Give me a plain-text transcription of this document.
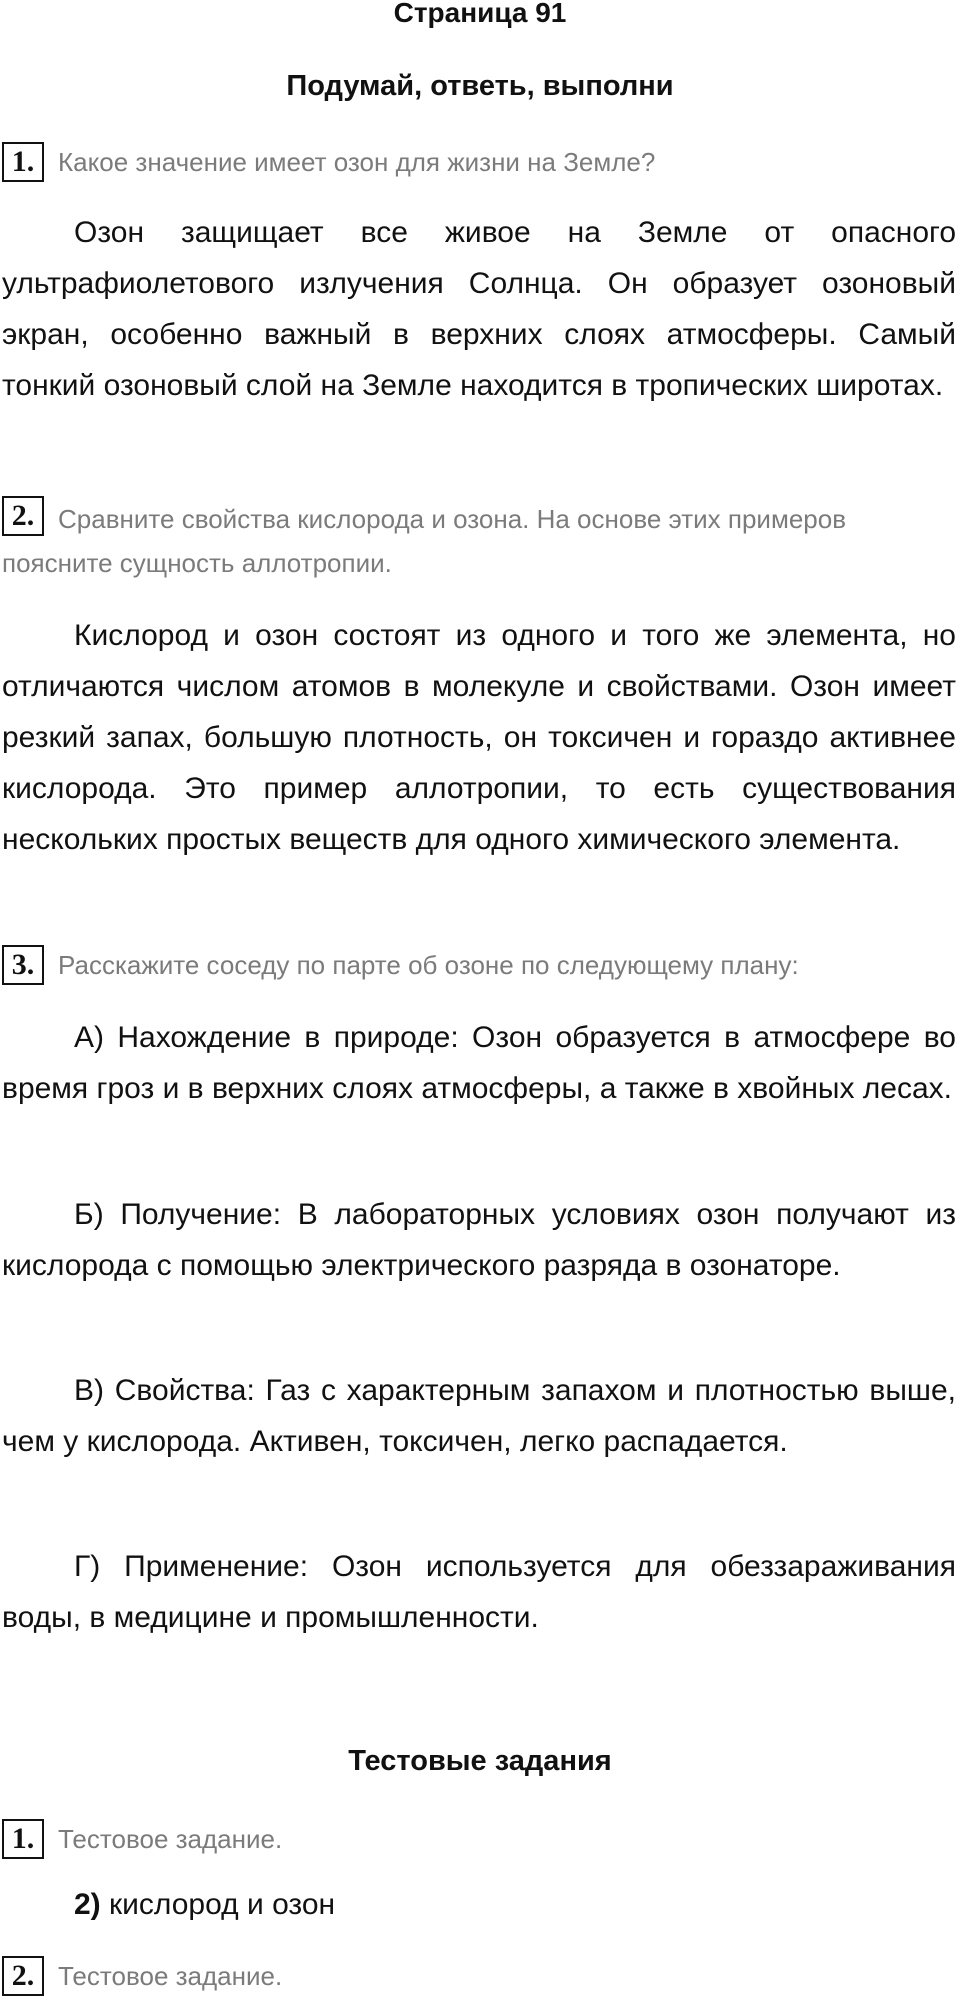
Страница 91
Подумай, ответь, выполни
1. Какое значение имеет озон для жизни на Земле?
Озон защищает все живое на Земле от опасного ультрафиолетового излучения Солнца. Он образует озоновый экран, особенно важный в верхних слоях атмосферы. Самый тонкий озоновый слой на Земле находится в тропических широтах.
2. Сравните свойства кислорода и озона. На основе этих примеров поясните сущность аллотропии.
Кислород и озон состоят из одного и того же элемента, но отличаются числом атомов в молекуле и свойствами. Озон имеет резкий запах, большую плотность, он токсичен и гораздо активнее кислорода. Это пример аллотропии, то есть существования нескольких простых веществ для одного химического элемента.
3. Расскажите соседу по парте об озоне по следующему плану:
А) Нахождение в природе: Озон образуется в атмосфере во время гроз и в верхних слоях атмосферы, а также в хвойных лесах.
Б) Получение: В лабораторных условиях озон получают из кислорода с помощью электрического разряда в озонаторе.
В) Свойства: Газ с характерным запахом и плотностью выше, чем у кислорода. Активен, токсичен, легко распадается.
Г) Применение: Озон используется для обеззараживания воды, в медицине и промышленности.
Тестовые задания
1. Тестовое задание.
2) кислород и озон
2. Тестовое задание.
